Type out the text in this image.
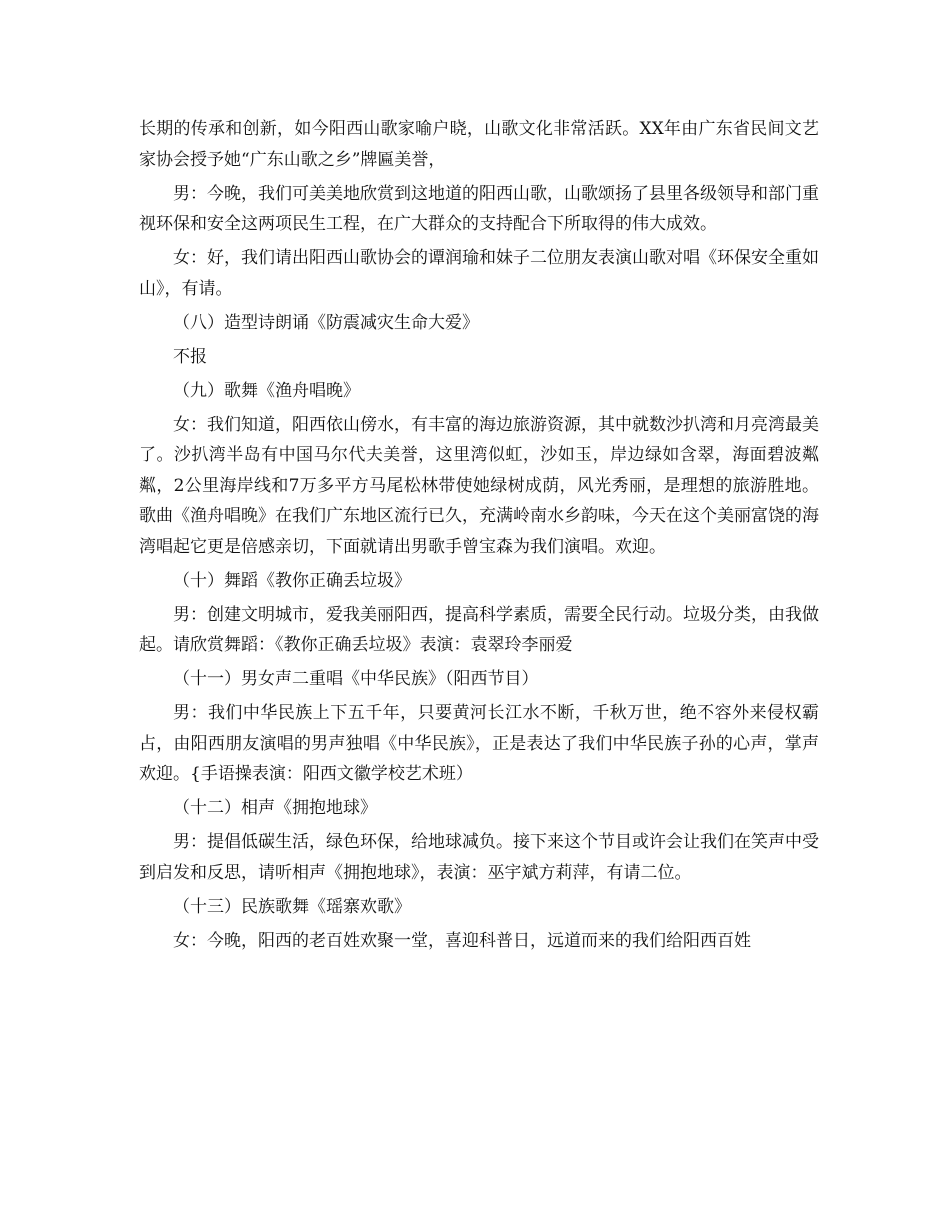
长期的传承和创新，如今阳西山歌家喻户晓，山歌文化非常活跃。XX年由广东省民间文艺家协会授予她“广东山歌之乡”牌匾美誉，

男：今晚，我们可美美地欣赏到这地道的阳西山歌，山歌颂扬了县里各级领导和部门重视环保和安全这两项民生工程，在广大群众的支持配合下所取得的伟大成效。

女：好，我们请出阳西山歌协会的谭润瑜和妹子二位朋友表演山歌对唱《环保安全重如山》，有请。

（八）造型诗朗诵《防震减灾生命大爱》

不报

（九）歌舞《渔舟唱晚》

女：我们知道，阳西依山傍水，有丰富的海边旅游资源，其中就数沙扒湾和月亮湾最美了。沙扒湾半岛有中国马尔代夫美誉，这里湾似虹，沙如玉，岸边绿如含翠，海面碧波粼粼，2公里海岸线和7万多平方马尾松林带使她绿树成荫，风光秀丽，是理想的旅游胜地。歌曲《渔舟唱晚》在我们广东地区流行已久，充满岭南水乡韵味，今天在这个美丽富饶的海湾唱起它更是倍感亲切，下面就请出男歌手曾宝森为我们演唱。欢迎。

（十）舞蹈《教你正确丢垃圾》

男：创建文明城市，爱我美丽阳西，提高科学素质，需要全民行动。垃圾分类，由我做起。请欣赏舞蹈：《教你正确丢垃圾》表演：袁翠玲李丽爱

（十一）男女声二重唱《中华民族》（阳西节目）

男：我们中华民族上下五千年，只要黄河长江水不断，千秋万世，绝不容外来侵权霸占，由阳西朋友演唱的男声独唱《中华民族》，正是表达了我们中华民族子孙的心声，掌声欢迎。{手语操表演：阳西文徽学校艺术班）

（十二）相声《拥抱地球》

男：提倡低碳生活，绿色环保，给地球减负。接下来这个节目或许会让我们在笑声中受到启发和反思，请听相声《拥抱地球》，表演：巫宇斌方莉萍，有请二位。

（十三）民族歌舞《瑶寨欢歌》

女：今晚，阳西的老百姓欢聚一堂，喜迎科普日，远道而来的我们给阳西百姓
